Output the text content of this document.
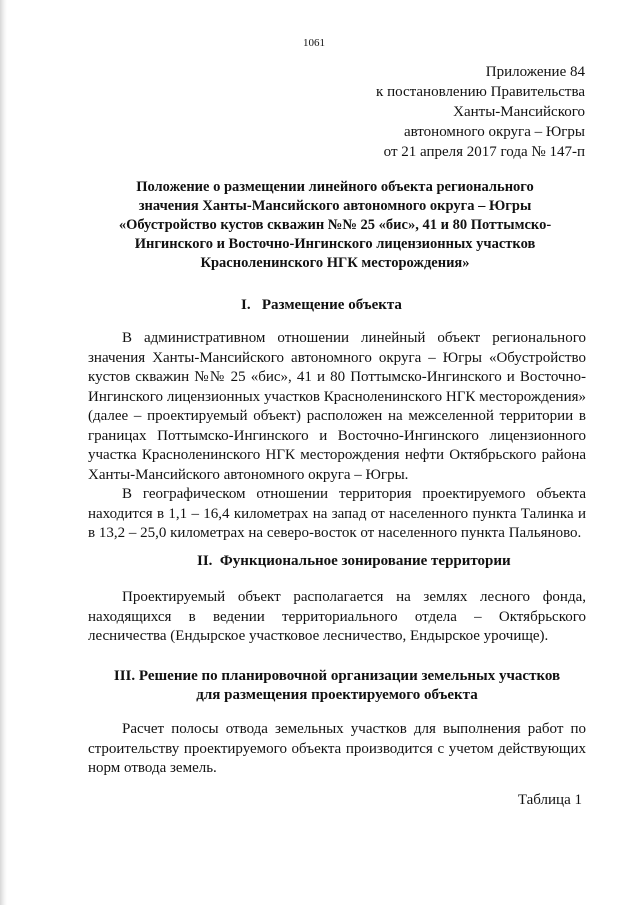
1061
Приложение 84
к постановлению Правительства
Ханты-Мансийского
автономного округа – Югры
от 21 апреля 2017 года № 147-п
Положение о размещении линейного объекта регионального
значения Ханты-Мансийского автономного округа – Югры
«Обустройство кустов скважин №№ 25 «бис», 41 и 80 Поттымско-
Ингинского и Восточно-Ингинского лицензионных участков
Красноленинского НГК месторождения»
I.   Размещение объекта
В административном отношении линейный объект регионального значения Ханты-Мансийского автономного округа – Югры «Обустройство кустов скважин №№ 25 «бис», 41 и 80 Поттымско-Ингинского и Восточно-Ингинского лицензионных участков Красноленинского НГК месторождения» (далее – проектируемый объект) расположен на межселенной территории в границах Поттымско-Ингинского и Восточно-Ингинского лицензионного участка Красноленинского НГК месторождения нефти Октябрьского района Ханты-Мансийского автономного округа – Югры.
В географическом отношении территория проектируемого объекта находится в 1,1 – 16,4 километрах на запад от населенного пункта Талинка и в 13,2 – 25,0 километрах на северо-восток от населенного пункта Пальяново.
II.  Функциональное зонирование территории
Проектируемый объект располагается на землях лесного фонда, находящихся в ведении территориального отдела – Октябрьского лесничества (Ендырское участковое лесничество, Ендырское урочище).
III. Решение по планировочной организации земельных участков
для размещения проектируемого объекта
Расчет полосы отвода земельных участков для выполнения работ по строительству проектируемого объекта производится с учетом действующих норм отвода земель.
Таблица 1
